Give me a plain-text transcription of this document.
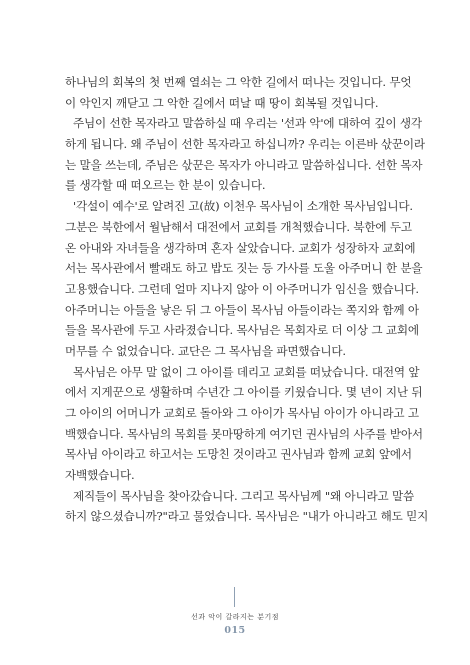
하나님의 회복의 첫 번째 열쇠는 그 악한 길에서 떠나는 것입니다. 무엇
이 악인지 깨닫고 그 악한 길에서 떠날 때 땅이 회복될 것입니다.
주님이 선한 목자라고 말씀하실 때 우리는 '선과 악'에 대하여 깊이 생각
하게 됩니다. 왜 주님이 선한 목자라고 하십니까? 우리는 이른바 삯꾼이라
는 말을 쓰는데, 주님은 삯꾼은 목자가 아니라고 말씀하십니다. 선한 목자
를 생각할 때 떠오르는 한 분이 있습니다.
'각설이 예수'로 알려진 고(故) 이천우 목사님이 소개한 목사님입니다.
그분은 북한에서 월남해서 대전에서 교회를 개척했습니다. 북한에 두고
온 아내와 자녀들을 생각하며 혼자 살았습니다. 교회가 성장하자 교회에
서는 목사관에서 빨래도 하고 밥도 짓는 등 가사를 도울 아주머니 한 분을
고용했습니다. 그런데 얼마 지나지 않아 이 아주머니가 임신을 했습니다.
아주머니는 아들을 낳은 뒤 그 아들이 목사님 아들이라는 쪽지와 함께 아
들을 목사관에 두고 사라졌습니다. 목사님은 목회자로 더 이상 그 교회에
머무를 수 없었습니다. 교단은 그 목사님을 파면했습니다.
목사님은 아무 말 없이 그 아이를 데리고 교회를 떠났습니다. 대전역 앞
에서 지게꾼으로 생활하며 수년간 그 아이를 키웠습니다. 몇 년이 지난 뒤
그 아이의 어머니가 교회로 돌아와 그 아이가 목사님 아이가 아니라고 고
백했습니다. 목사님의 목회를 못마땅하게 여기던 권사님의 사주를 받아서
목사님 아이라고 하고서는 도망친 것이라고 권사님과 함께 교회 앞에서
자백했습니다.
제직들이 목사님을 찾아갔습니다. 그리고 목사님께 "왜 아니라고 말씀
하지 않으셨습니까?"라고 물었습니다. 목사님은 "내가 아니라고 해도 믿지
선과 악이 갈라지는 분기점
015
